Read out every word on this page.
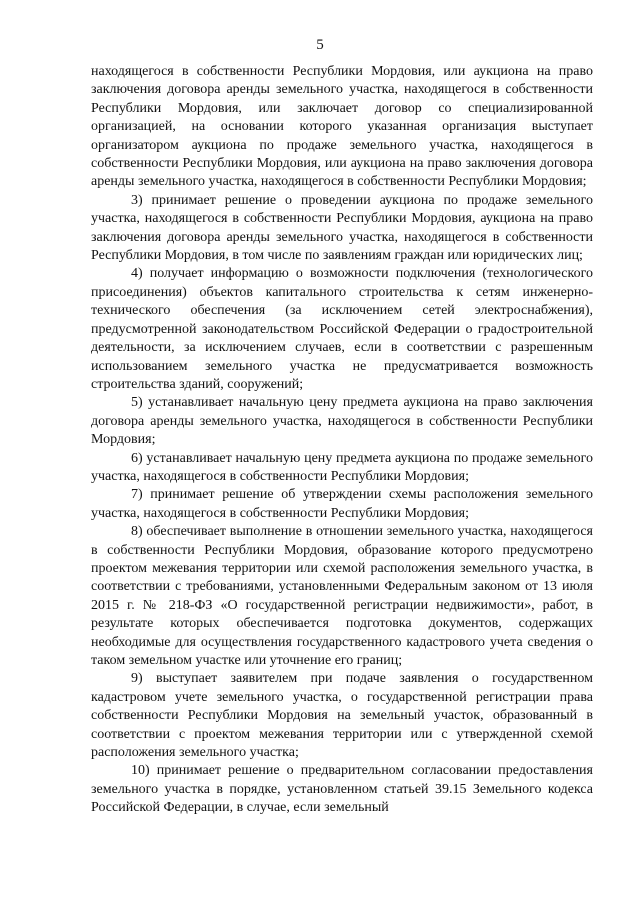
5

находящегося в собственности Республики Мордовия, или аукциона на право заключения договора аренды земельного участка, находящегося в собственности Республики Мордовия, или заключает договор со специализированной организацией, на основании которого указанная организация выступает организатором аукциона по продаже земельного участка, находящегося в собственности Республики Мордовия, или аукциона на право заключения договора аренды земельного участка, находящегося в собственности Республики Мордовия;

3) принимает решение о проведении аукциона по продаже земельного участка, находящегося в собственности Республики Мордовия, аукциона на право заключения договора аренды земельного участка, находящегося в собственности Республики Мордовия, в том числе по заявлениям граждан или юридических лиц;

4) получает информацию о возможности подключения (технологического присоединения) объектов капитального строительства к сетям инженерно-технического обеспечения (за исключением сетей электроснабжения), предусмотренной законодательством Российской Федерации о градостроительной деятельности, за исключением случаев, если в соответствии с разрешенным использованием земельного участка не предусматривается возможность строительства зданий, сооружений;

5) устанавливает начальную цену предмета аукциона на право заключения договора аренды земельного участка, находящегося в собственности Республики Мордовия;

6) устанавливает начальную цену предмета аукциона по продаже земельного участка, находящегося в собственности Республики Мордовия;

7) принимает решение об утверждении схемы расположения земельного участка, находящегося в собственности Республики Мордовия;

8) обеспечивает выполнение в отношении земельного участка, находящегося в собственности Республики Мордовия, образование которого предусмотрено проектом межевания территории или схемой расположения земельного участка, в соответствии с требованиями, установленными Федеральным законом от 13 июля 2015 г. № 218-ФЗ «О государственной регистрации недвижимости», работ, в результате которых обеспечивается подготовка документов, содержащих необходимые для осуществления государственного кадастрового учета сведения о таком земельном участке или уточнение его границ;

9) выступает заявителем при подаче заявления о государственном кадастровом учете земельного участка, о государственной регистрации права собственности Республики Мордовия на земельный участок, образованный в соответствии с проектом межевания территории или с утвержденной схемой расположения земельного участка;

10) принимает решение о предварительном согласовании предоставления земельного участка в порядке, установленном статьей 39.15 Земельного кодекса Российской Федерации, в случае, если земельный
